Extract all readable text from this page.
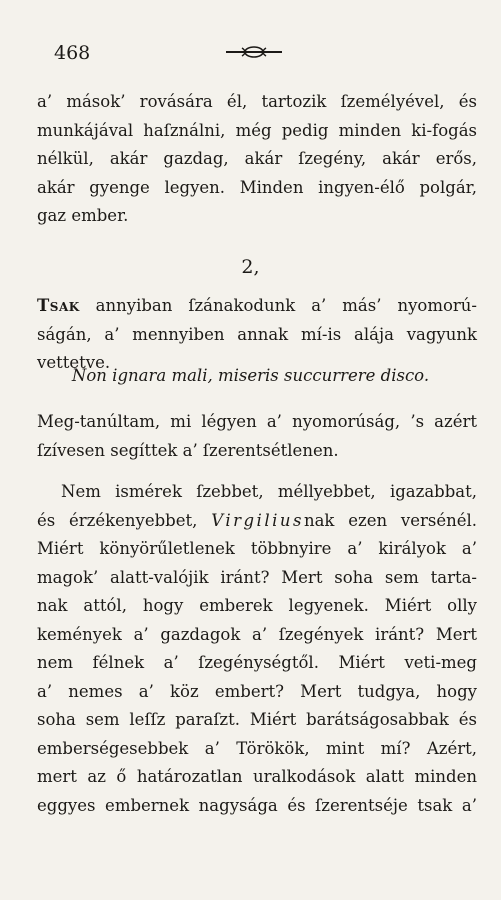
468
a’ mások’ rovására él, tartozik ſzemélyével, és
munkájával haſználni, még pedig minden ki-fogás
nélkül, akár gazdag, akár ſzegény, akár erős,
akár gyenge legyen. Minden ingyen-élő polgár,
gaz ember.
2,
Tsak annyiban ſzánakodunk a’ más’ nyomorú-
ságán, a’ mennyiben annak mí-is alája vagyunk
vettetve.
Non ignara mali, miseris succurrere disco.
Meg-tanúltam, mi légyen a’ nyomorúság, ’s azért
ſzívesen segíttek a’ ſzerentsétlenen.
Nem ismérek ſzebbet, méllyebbet, igazabbat,
és érzékenyebbet, Virgiliusnak ezen versénél.
Miért könyörűletlenek többnyire a’ királyok a’
magok’ alatt-valójik iránt? Mert soha sem tarta-
nak attól, hogy emberek legyenek. Miért olly
kemények a’ gazdagok a’ ſzegények iránt? Mert
nem félnek a’ ſzegénységtől. Miért veti-meg
a’ nemes a’ köz embert? Mert tudgya, hogy
soha sem leſſz paraſzt. Miért barátságosabbak és
emberségesebbek a’ Törökök, mint mí? Azért,
mert az ő határozatlan uralkodások alatt minden
eggyes embernek nagysága és ſzerentséje tsak a’
